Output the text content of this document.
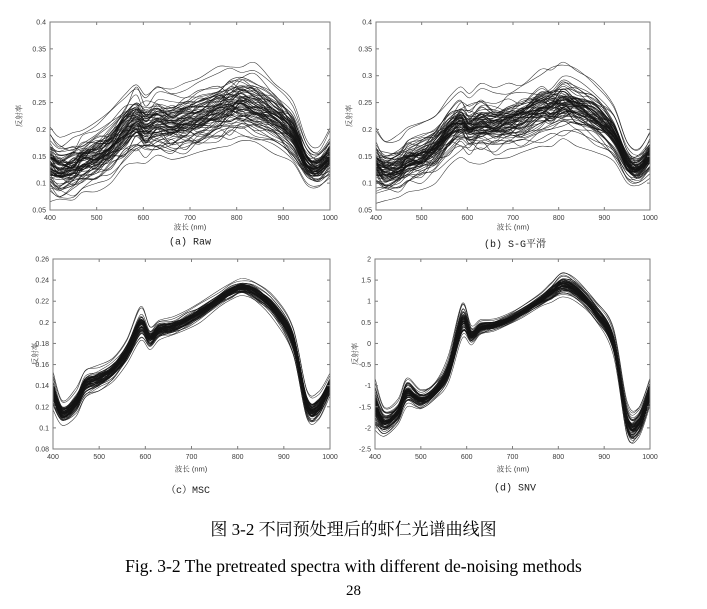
400	500	600	700	800	900	1000
0.05
0.1
0.15
0.2
0.25
0.3
0.35
0.4
400	500	600	700	800	900	1000
0.05
0.1
0.15
0.2
0.25
0.3
0.35
0.4
400	500	600	700	800	900	1000
0.08
0.1
0.12
0.14
0.16
0.18
0.2
0.22
0.24
0.26
400	500	600	700	800	900	1000
-2.5
-2
-1.5
-1
-0.5
0
0.5
1
1.5
2
反射率
波长 (nm)
(a) Raw
反射率
波长 (nm)
(b) S-G平滑
反射率
波长 (nm)
（c）MSC
反射率
波长 (nm)
(d) SNV
图 3-2 不同预处理后的虾仁光谱曲线图
Fig. 3-2 The pretreated spectra with different de-noising methods
28
